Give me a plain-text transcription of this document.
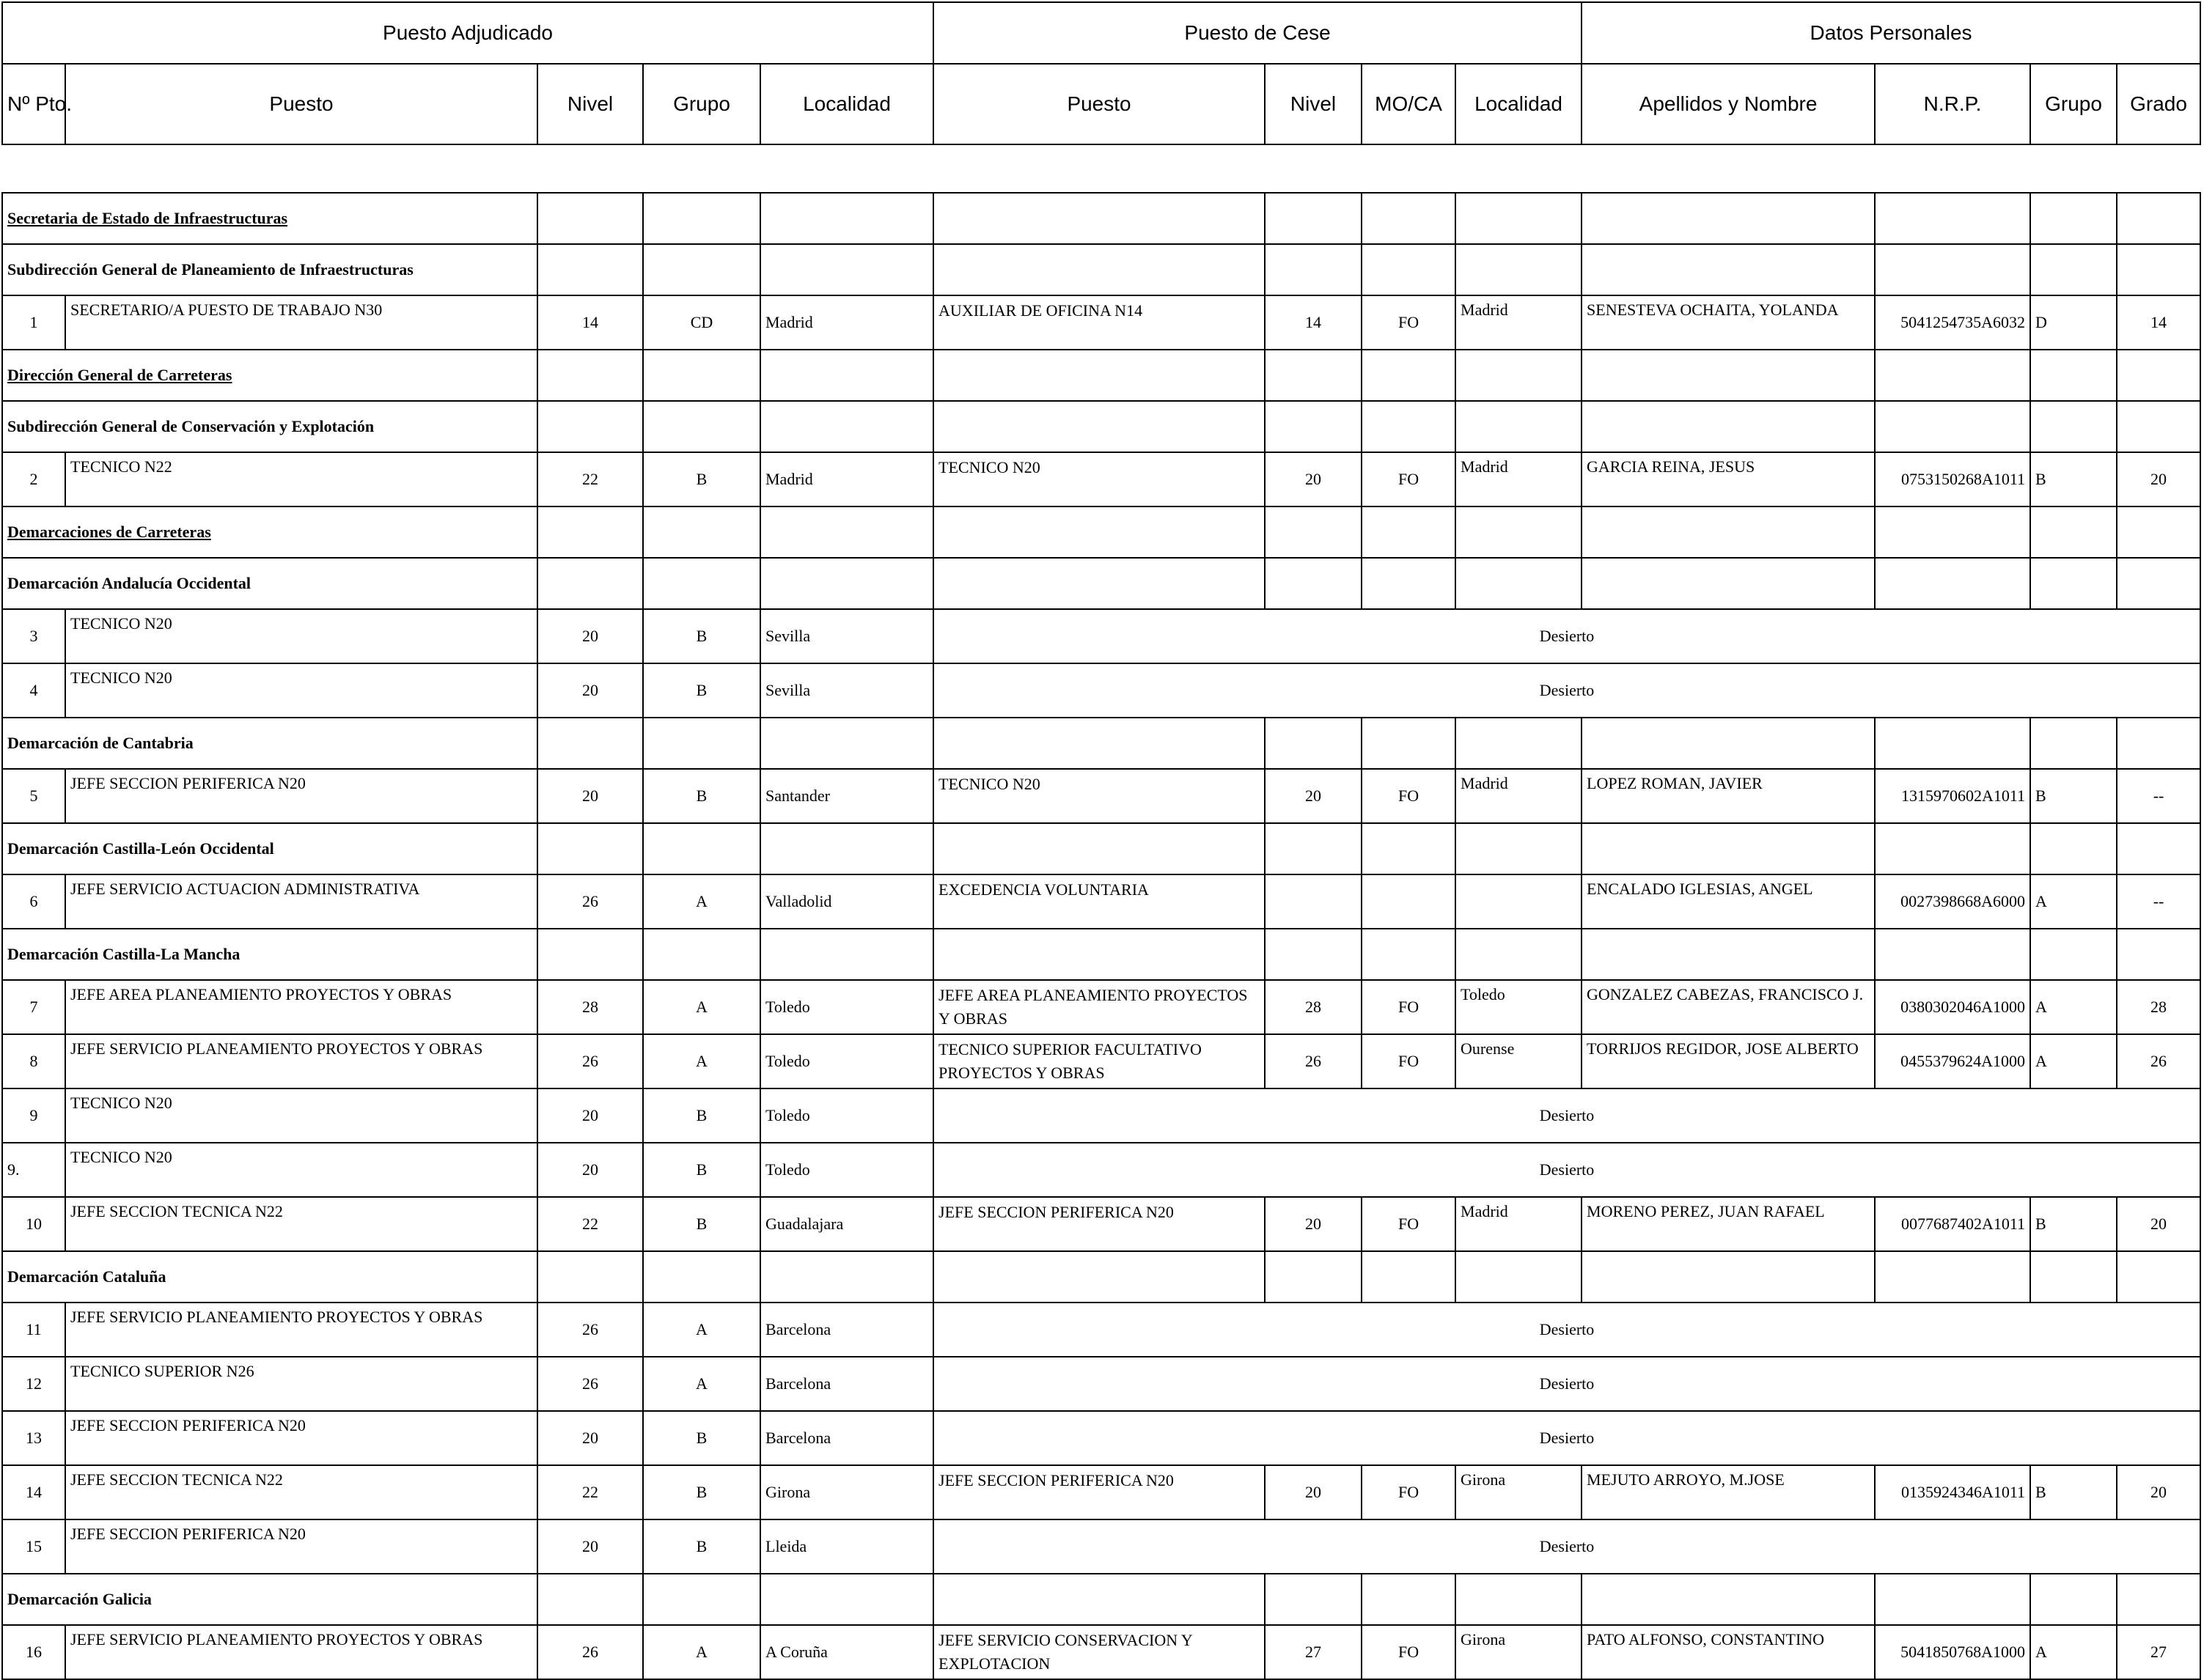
Puesto Adjudicado					Puesto de Cese				Datos Personales			
Nº Pto.	Puesto	Nivel	Grupo	Localidad	Puesto	Nivel	MO/CA	Localidad	Apellidos y Nombre	N.R.P.	Grupo	Grado

Secretaria de Estado de Infraestructuras												
Subdirección General de Planeamiento de Infraestructuras												
1	SECRETARIO/A PUESTO DE TRABAJO N30	14	CD	Madrid	AUXILIAR DE OFICINA N14	14	FO	Madrid	SENESTEVA OCHAITA, YOLANDA	5041254735A6032	D	14
Dirección General de Carreteras												
Subdirección General de Conservación y Explotación												
2	TECNICO N22	22	B	Madrid	TECNICO N20	20	FO	Madrid	GARCIA REINA, JESUS	0753150268A1011	B	20
Demarcaciones de Carreteras												
Demarcación Andalucía Occidental												
3	TECNICO N20	20	B	Sevilla	Desierto							
4	TECNICO N20	20	B	Sevilla	Desierto							
Demarcación de Cantabria												
5	JEFE SECCION PERIFERICA N20	20	B	Santander	TECNICO N20	20	FO	Madrid	LOPEZ ROMAN, JAVIER	1315970602A1011	B	--
Demarcación Castilla-León Occidental												
6	JEFE SERVICIO ACTUACION ADMINISTRATIVA	26	A	Valladolid	EXCEDENCIA VOLUNTARIA				ENCALADO IGLESIAS, ANGEL	0027398668A6000	A	--
Demarcación Castilla-La Mancha												
7	JEFE AREA PLANEAMIENTO PROYECTOS Y OBRAS	28	A	Toledo	JEFE AREA PLANEAMIENTO PROYECTOS Y OBRAS	28	FO	Toledo	GONZALEZ CABEZAS, FRANCISCO J.	0380302046A1000	A	28
8	JEFE SERVICIO PLANEAMIENTO PROYECTOS Y OBRAS	26	A	Toledo	TECNICO SUPERIOR FACULTATIVO PROYECTOS Y OBRAS	26	FO	Ourense	TORRIJOS REGIDOR, JOSE ALBERTO	0455379624A1000	A	26
9	TECNICO N20	20	B	Toledo	Desierto							
9.	TECNICO N20	20	B	Toledo	Desierto							
10	JEFE SECCION TECNICA N22	22	B	Guadalajara	JEFE SECCION PERIFERICA N20	20	FO	Madrid	MORENO PEREZ, JUAN RAFAEL	0077687402A1011	B	20
Demarcación Cataluña												
11	JEFE SERVICIO PLANEAMIENTO PROYECTOS Y OBRAS	26	A	Barcelona	Desierto							
12	TECNICO SUPERIOR N26	26	A	Barcelona	Desierto							
13	JEFE SECCION PERIFERICA N20	20	B	Barcelona	Desierto							
14	JEFE SECCION TECNICA N22	22	B	Girona	JEFE SECCION PERIFERICA N20	20	FO	Girona	MEJUTO ARROYO, M.JOSE	0135924346A1011	B	20
15	JEFE SECCION PERIFERICA N20	20	B	Lleida	Desierto							
Demarcación Galicia												
16	JEFE SERVICIO PLANEAMIENTO PROYECTOS Y OBRAS	26	A	A Coruña	JEFE SERVICIO CONSERVACION Y EXPLOTACION	27	FO	Girona	PATO ALFONSO, CONSTANTINO	5041850768A1000	A	27
